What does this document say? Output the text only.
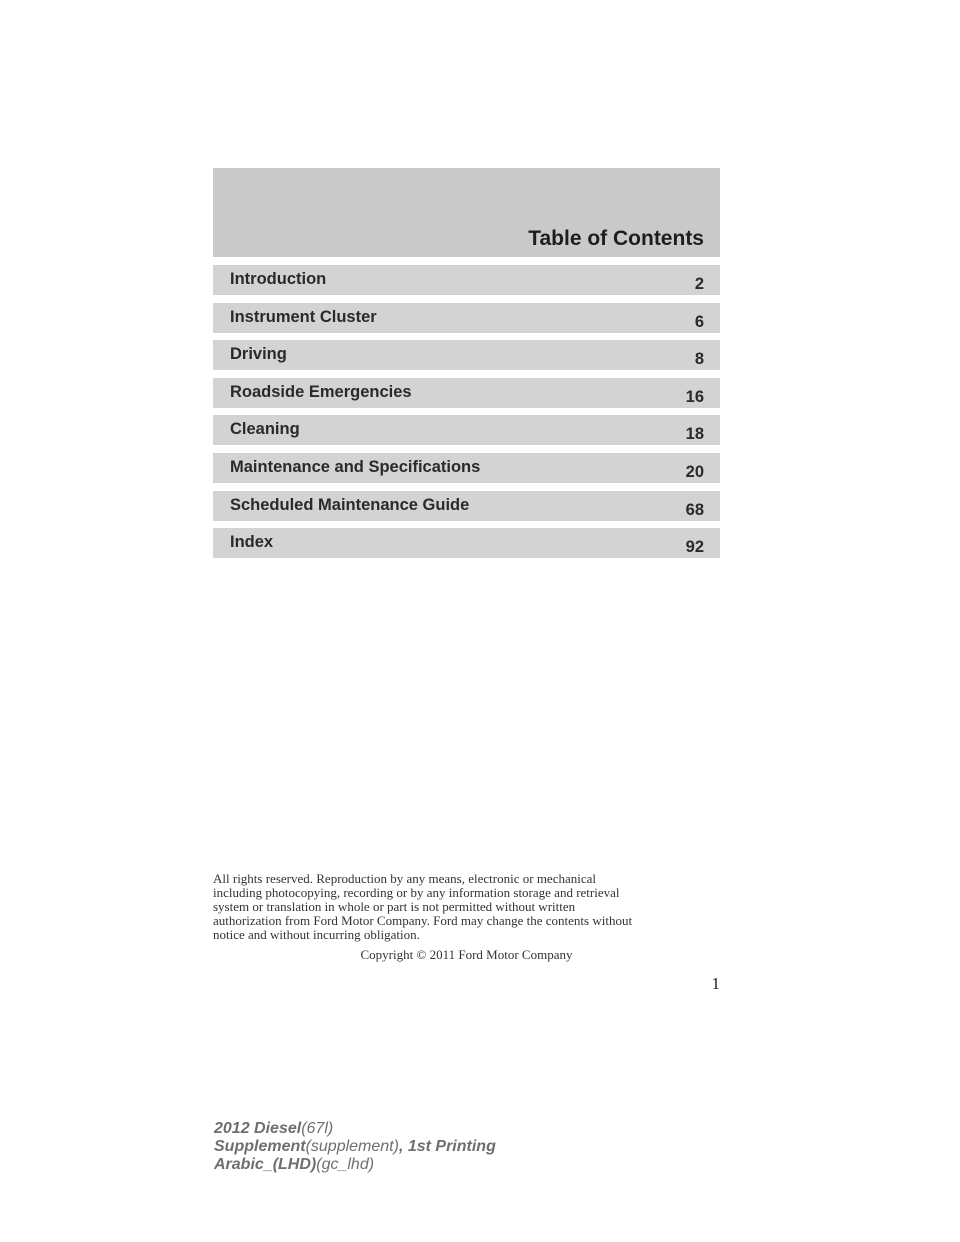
Table of Contents
Introduction	2
Instrument Cluster	6
Driving	8
Roadside Emergencies	16
Cleaning	18
Maintenance and Specifications	20
Scheduled Maintenance Guide	68
Index	92
All rights reserved. Reproduction by any means, electronic or mechanical
including photocopying, recording or by any information storage and retrieval
system or translation in whole or part is not permitted without written
authorization from Ford Motor Company. Ford may change the contents without
notice and without incurring obligation.
Copyright © 2011 Ford Motor Company
1
2012 Diesel(67l)
Supplement(supplement), 1st Printing
Arabic_(LHD)(gc_lhd)
carmanualsonline.info
